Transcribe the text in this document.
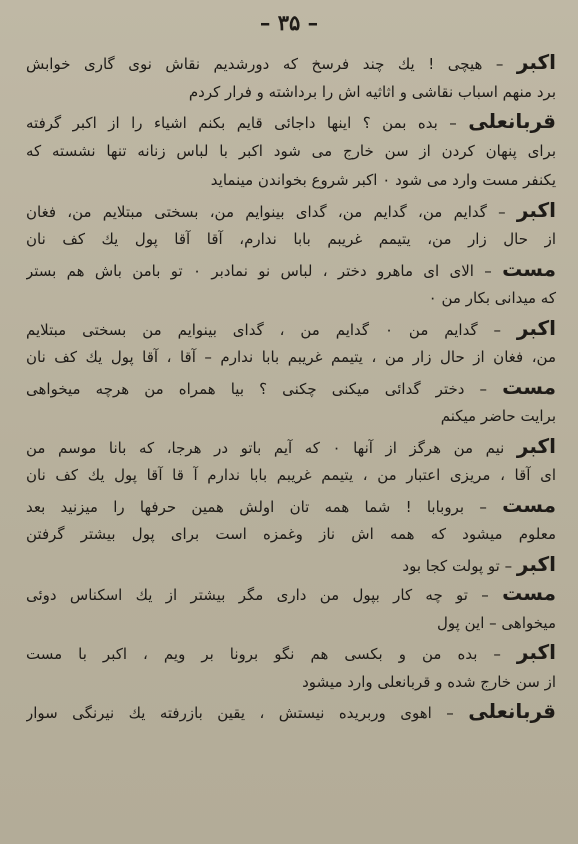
– ۳۵ –
اکبر – هیچی ! یك چند فرسخ که دورشدیم نقاش نوی گاری خوابش
برد منهم اسباب نقاشی و اثاثیه اش را برداشته و فرار کردم
قربانعلی – بده بمن ؟ اینها داجائی قایم بکنم اشیاء را از اکبر گرفته
برای پنهان کردن از سن خارج می شود اکبر با لباس زنانه تنها نشسته که
یکنفر مست وارد می شود ۰ اکبر شروع بخواندن مینماید
اکبر – گدایم من، گدایم من، گدای بینوایم من، بسختی مبتلایم من، فغان
از حال زار من، یتیمم غریبم بابا ندارم، آقا آقا پول یك کف نان
مست – الای ای ماهرو دختر ، لباس نو نمادبر ۰ تو بامن باش هم بستر
که میدانی بکار من ۰
اکبر – گدایم من ۰ گدایم من ، گدای بینوایم من بسختی مبتلایم
من، فغان از حال زار من ، یتیمم غریبم بابا ندارم – آقا ، آقا پول یك کف نان
مست – دختر گدائی میکنی چکنی ؟ بیا همراه من هرچه میخواهی
برایت حاضر میکنم
اکبر نیم من هرگز از آنها ۰ که آیم باتو در هرجا، که بانا موسم من
ای آقا ، مریزی اعتبار من ، یتیمم غریبم بابا ندارم آ قا آقا پول یك کف نان
مست – بروبابا ! شما همه تان اولش همین حرفها را میزنید بعد
معلوم میشود که همه اش ناز وغمزه است برای پول بیشتر گرفتن
اکبر – تو پولت کجا بود
مست – تو چه کار بپول من داری مگر بیشتر از یك اسکناس دوئی
میخواهی – این پول
اکبر – بده من و بکسی هم نگو برونا بر ویم ، اکبر با مست
از سن خارج شده و قربانعلی وارد میشود
قربانعلی – اهوی وربریده نیستش ، یقین بازرفته یك نیرنگی سوار
